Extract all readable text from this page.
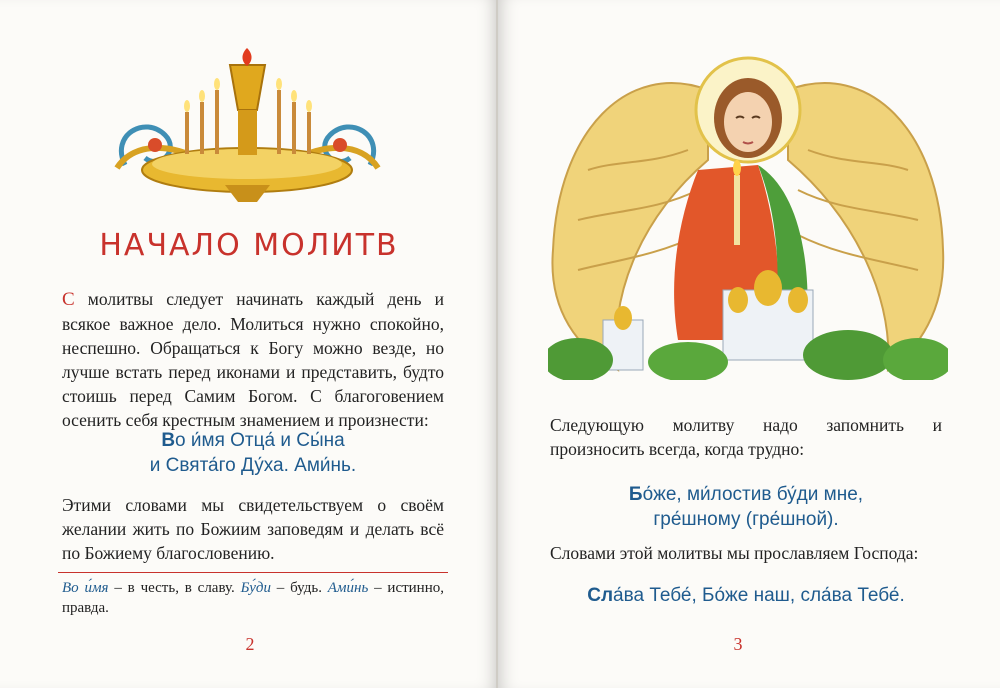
НАЧАЛО МОЛИТВ

С молитвы следует начинать каждый день и всякое важное дело. Молиться нужно спокойно, неспешно. Обращаться к Богу можно везде, но лучше встать перед иконами и представить, будто стоишь перед Самим Богом. С благоговением осенить себя крестным знамением и произнести:

Во и́мя Отца́ и Сы́на
и Свята́го Ду́ха. Ами́нь.

Этими словами мы свидетельствуем о своём желании жить по Божиим заповедям и делать всё по Божиему благословению.

Во и́мя – в честь, в славу. Бу́ди – будь. Ами́нь – истинно, правда.

2

Следующую молитву надо запомнить и произносить всегда, когда трудно:

Бо́же, ми́лостив бу́ди мне,
гре́шному (гре́шной).

Словами этой молитвы мы прославляем Господа:

Сла́ва Тебе́, Бо́же наш, сла́ва Тебе́.
3
